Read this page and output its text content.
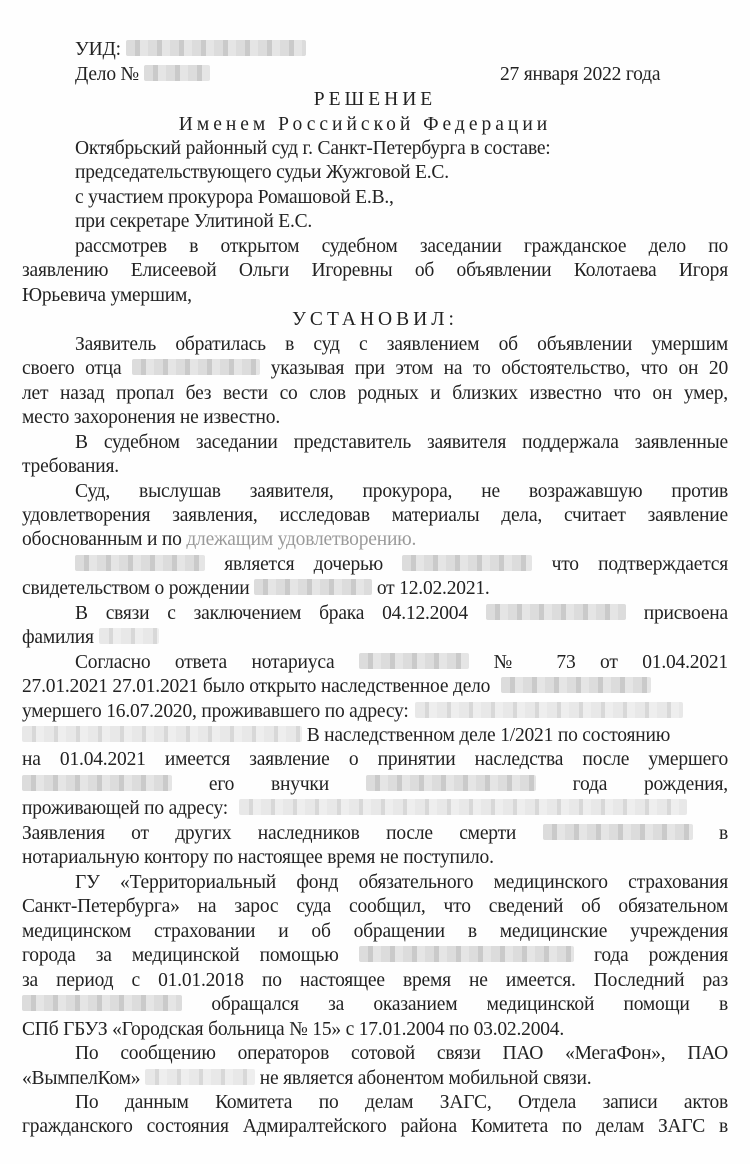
УИД:
Дело №	27 января 2022 года
РЕШЕНИЕ
Именем Российской Федерации
Октябрьский районный суд г. Санкт-Петербурга в составе:
председательствующего судьи Жужговой Е.С.
с участием прокурора Ромашовой Е.В.,
при секретаре Улитиной Е.С.
рассмотрев в открытом судебном заседании гражданское дело по
заявлению Елисеевой Ольги Игоревны об объявлении Колотаева Игоря
Юрьевича умершим,
УСТАНОВИЛ:
Заявитель обратилась в суд с заявлением об объявлении умершим
своего отца	указывая при этом на то обстоятельство, что он 20
лет назад пропал без вести со слов родных и близких известно что он умер,
место захоронения не известно.
В судебном заседании представитель заявителя поддержала заявленные
требования.
Суд, выслушав заявителя, прокурора, не возражавшую против
удовлетворения заявления, исследовав материалы дела, считает заявление
обоснованным и по длежащим удовлетворению.
является дочерью	что подтверждается
свидетельством о рождении	от 12.02.2021.
В связи с заключением брака 04.12.2004	присвоена
фамилия
Согласно ответа нотариуса	№ 73 от 01.04.2021
27.01.2021 27.01.2021 было открыто наследственное дело
умершего 16.07.2020, проживавшего по адресу:
В наследственном деле 1/2021 по состоянию
на 01.04.2021 имеется заявление о принятии наследства после умершего
его внучки	года рождения,
проживающей по адресу:
Заявления от других наследников после смерти	в
нотариальную контору по настоящее время не поступило.
ГУ «Территориальный фонд обязательного медицинского страхования
Санкт-Петербурга» на зарос суда сообщил, что сведений об обязательном
медицинском страховании и об обращении в медицинские учреждения
города за медицинской помощью	года рождения
за период с 01.01.2018 по настоящее время не имеется. Последний раз
обращался за оказанием медицинской помощи в
СПб ГБУЗ «Городская больница № 15» с 17.01.2004 по 03.02.2004.
По сообщению операторов сотовой связи ПАО «МегаФон», ПАО
«ВымпелКом»	не является абонентом мобильной связи.
По данным Комитета по делам ЗАГС, Отдела записи актов
гражданского состояния Адмиралтейского района Комитета по делам ЗАГС в
